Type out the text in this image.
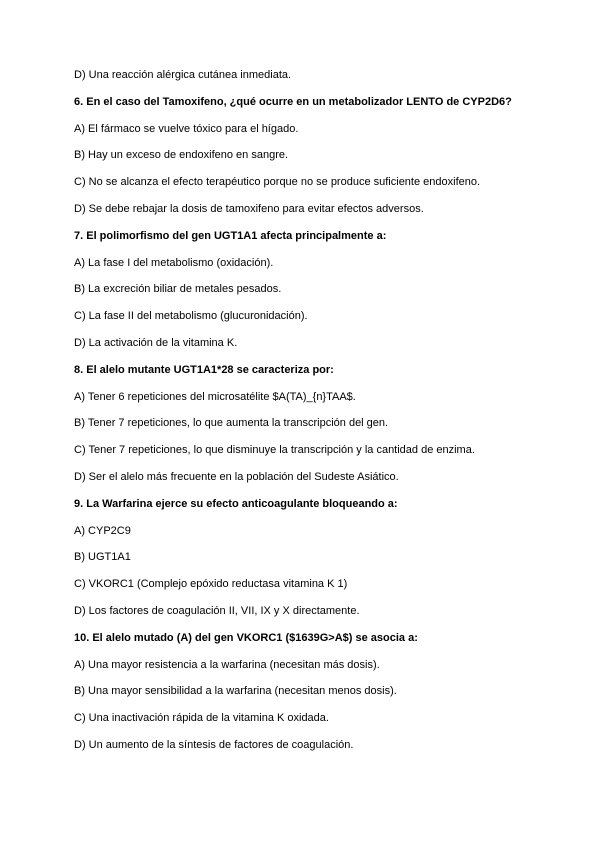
D) Una reacción alérgica cutánea inmediata.
6. En el caso del Tamoxifeno, ¿qué ocurre en un metabolizador LENTO de CYP2D6?
A) El fármaco se vuelve tóxico para el hígado.
B) Hay un exceso de endoxifeno en sangre.
C) No se alcanza el efecto terapéutico porque no se produce suficiente endoxifeno.
D) Se debe rebajar la dosis de tamoxifeno para evitar efectos adversos.
7. El polimorfismo del gen UGT1A1 afecta principalmente a:
A) La fase I del metabolismo (oxidación).
B) La excreción biliar de metales pesados.
C) La fase II del metabolismo (glucuronidación).
D) La activación de la vitamina K.
8. El alelo mutante UGT1A1*28 se caracteriza por:
A) Tener 6 repeticiones del microsatélite $A(TA)_{n}TAA$.
B) Tener 7 repeticiones, lo que aumenta la transcripción del gen.
C) Tener 7 repeticiones, lo que disminuye la transcripción y la cantidad de enzima.
D) Ser el alelo más frecuente en la población del Sudeste Asiático.
9. La Warfarina ejerce su efecto anticoagulante bloqueando a:
A) CYP2C9
B) UGT1A1
C) VKORC1 (Complejo epóxido reductasa vitamina K 1)
D) Los factores de coagulación II, VII, IX y X directamente.
10. El alelo mutado (A) del gen VKORC1 ($1639G>A$) se asocia a:
A) Una mayor resistencia a la warfarina (necesitan más dosis).
B) Una mayor sensibilidad a la warfarina (necesitan menos dosis).
C) Una inactivación rápida de la vitamina K oxidada.
D) Un aumento de la síntesis de factores de coagulación.
